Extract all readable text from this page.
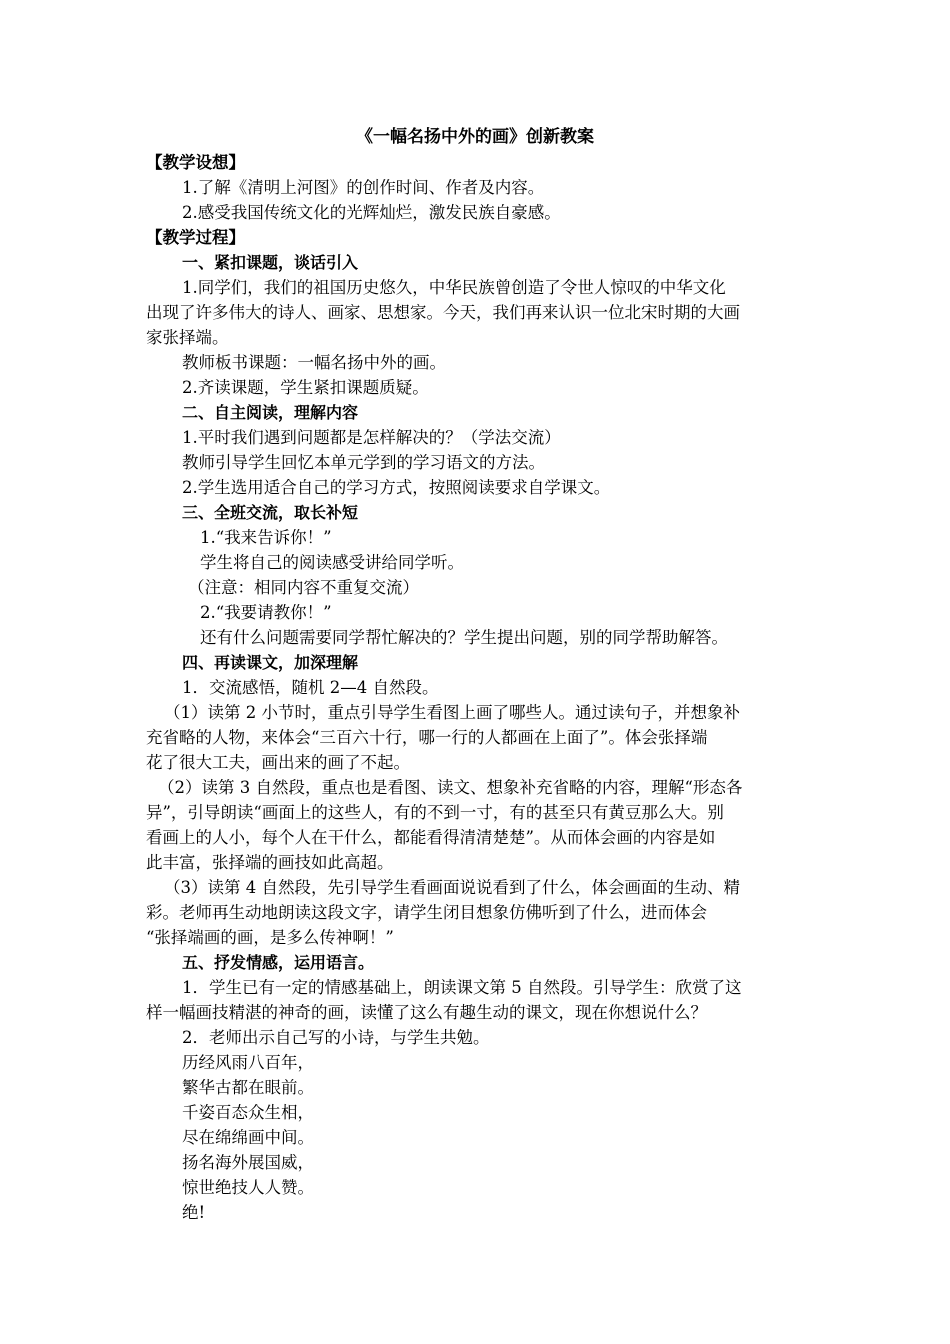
《一幅名扬中外的画》创新教案
【教学设想】
1.了解《清明上河图》的创作时间、作者及内容。
2.感受我国传统文化的光辉灿烂，激发民族自豪感。
【教学过程】
一、紧扣课题，谈话引入
1.同学们，我们的祖国历史悠久，中华民族曾创造了令世人惊叹的中华文化
出现了许多伟大的诗人、画家、思想家。今天，我们再来认识一位北宋时期的大画
家张择端。
教师板书课题：一幅名扬中外的画。
2.齐读课题，学生紧扣课题质疑。
二、自主阅读，理解内容
1.平时我们遇到问题都是怎样解决的？（学法交流）
教师引导学生回忆本单元学到的学习语文的方法。
2.学生选用适合自己的学习方式，按照阅读要求自学课文。
三、全班交流，取长补短
1.“我来告诉你！”
学生将自己的阅读感受讲给同学听。
（注意：相同内容不重复交流）
2.“我要请教你！”
还有什么问题需要同学帮忙解决的？学生提出问题，别的同学帮助解答。
四、再读课文，加深理解
1．交流感悟，随机 2—4 自然段。
（1）读第 2 小节时，重点引导学生看图上画了哪些人。通过读句子，并想象补
充省略的人物，来体会“三百六十行，哪一行的人都画在上面了”。体会张择端
花了很大工夫，画出来的画了不起。
（2）读第 3 自然段，重点也是看图、读文、想象补充省略的内容，理解“形态各
异”，引导朗读“画面上的这些人，有的不到一寸，有的甚至只有黄豆那么大。别
看画上的人小，每个人在干什么，都能看得清清楚楚”。从而体会画的内容是如
此丰富，张择端的画技如此高超。
（3）读第 4 自然段，先引导学生看画面说说看到了什么，体会画面的生动、精
彩。老师再生动地朗读这段文字，请学生闭目想象仿佛听到了什么，进而体会
“张择端画的画，是多么传神啊！”
五、抒发情感，运用语言。
1．学生已有一定的情感基础上，朗读课文第 5 自然段。引导学生：欣赏了这
样一幅画技精湛的神奇的画，读懂了这么有趣生动的课文，现在你想说什么？
2．老师出示自己写的小诗，与学生共勉。
历经风雨八百年，
繁华古都在眼前。
千姿百态众生相，
尽在绵绵画中间。
扬名海外展国威，
惊世绝技人人赞。
绝!
